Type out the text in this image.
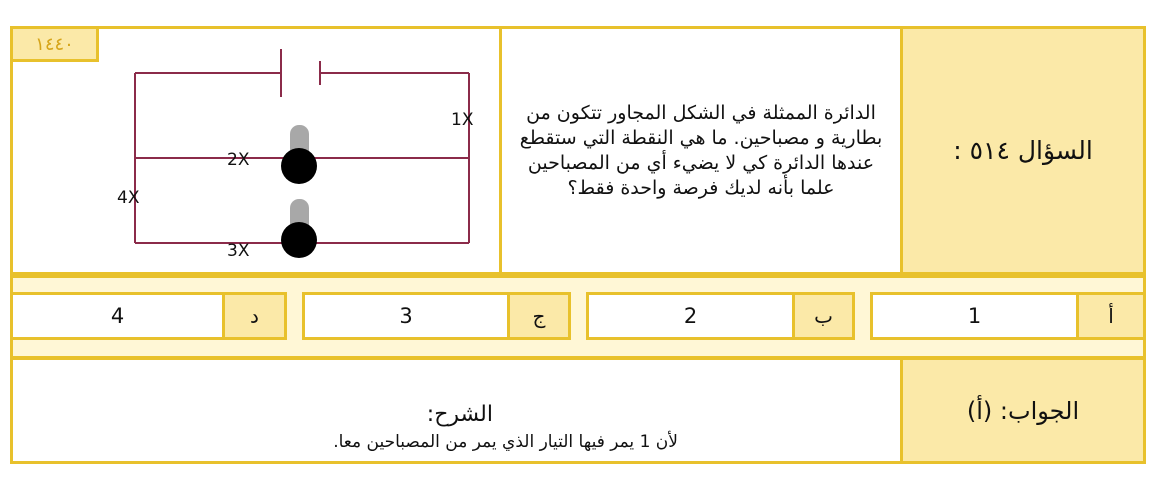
السؤال ٥١٤ :
الدائرة الممثلة في الشكل المجاور تتكون من بطارية و مصباحين. ما هي النقطة التي ستقطع عندها الدائرة كي لا يضيء أي من المصباحين علما بأنه لديك فرصة واحدة فقط؟
١٤٤٠
1X
2X
3X
4X
أ
1
ب
2
ج
3
د
4
الجواب: (أ)
الشرح:
لأن 1 يمر فيها التيار الذي يمر من المصباحين معا.
